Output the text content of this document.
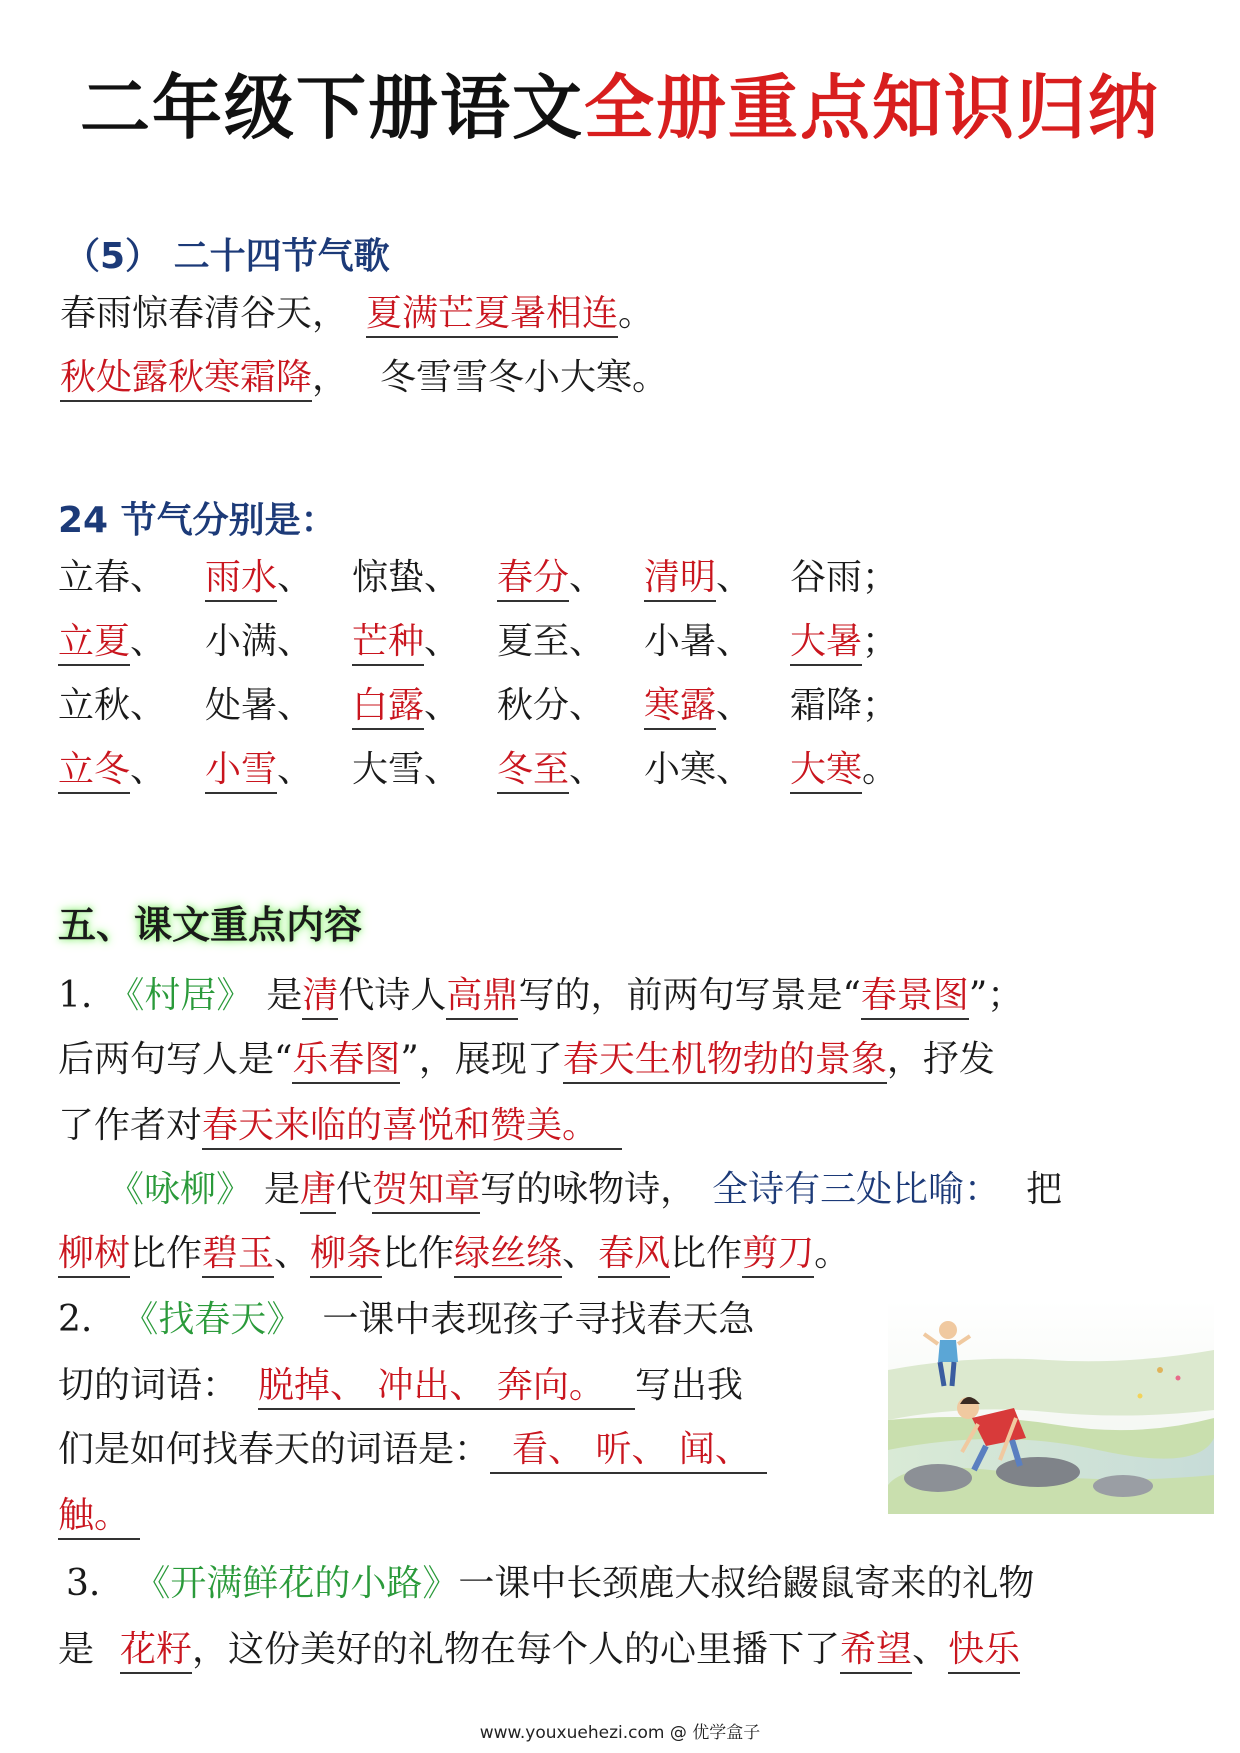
二年级下册语文全册重点知识归纳
（5） 二十四节气歌
春雨惊春清谷天， 夏满芒夏暑相连。
秋处露秋寒霜降， 冬雪雪冬小大寒。
24 节气分别是：
立春、 雨水、 惊蛰、 春分、 清明、 谷雨；
立夏、 小满、 芒种、 夏至、 小暑、 大暑；
立秋、 处暑、 白露、 秋分、 寒露、 霜降；
立冬、 小雪、 大雪、 冬至、 小寒、 大寒。
五、课文重点内容
1. 《村居》 是清代诗人高鼎写的，前两句写景是“春景图”；
后两句写人是“乐春图”，展现了春天生机物勃的景象，抒发
了作者对春天来临的喜悦和赞美。
《咏柳》 是唐代贺知章写的咏物诗， 全诗有三处比喻： 把
柳树比作碧玉、柳条比作绿丝绦、春风比作剪刀。
2. 《找春天》 一课中表现孩子寻找春天急
切的词语： 脱掉、 冲出、 奔向。 写出我
们是如何找春天的词语是： 看、 听、 闻、
触。
3. 《开满鲜花的小路》一课中长颈鹿大叔给鼹鼠寄来的礼物
是 花籽，这份美好的礼物在每个人的心里播下了希望、快乐
www.youxuehezi.com @ 优学盒子
